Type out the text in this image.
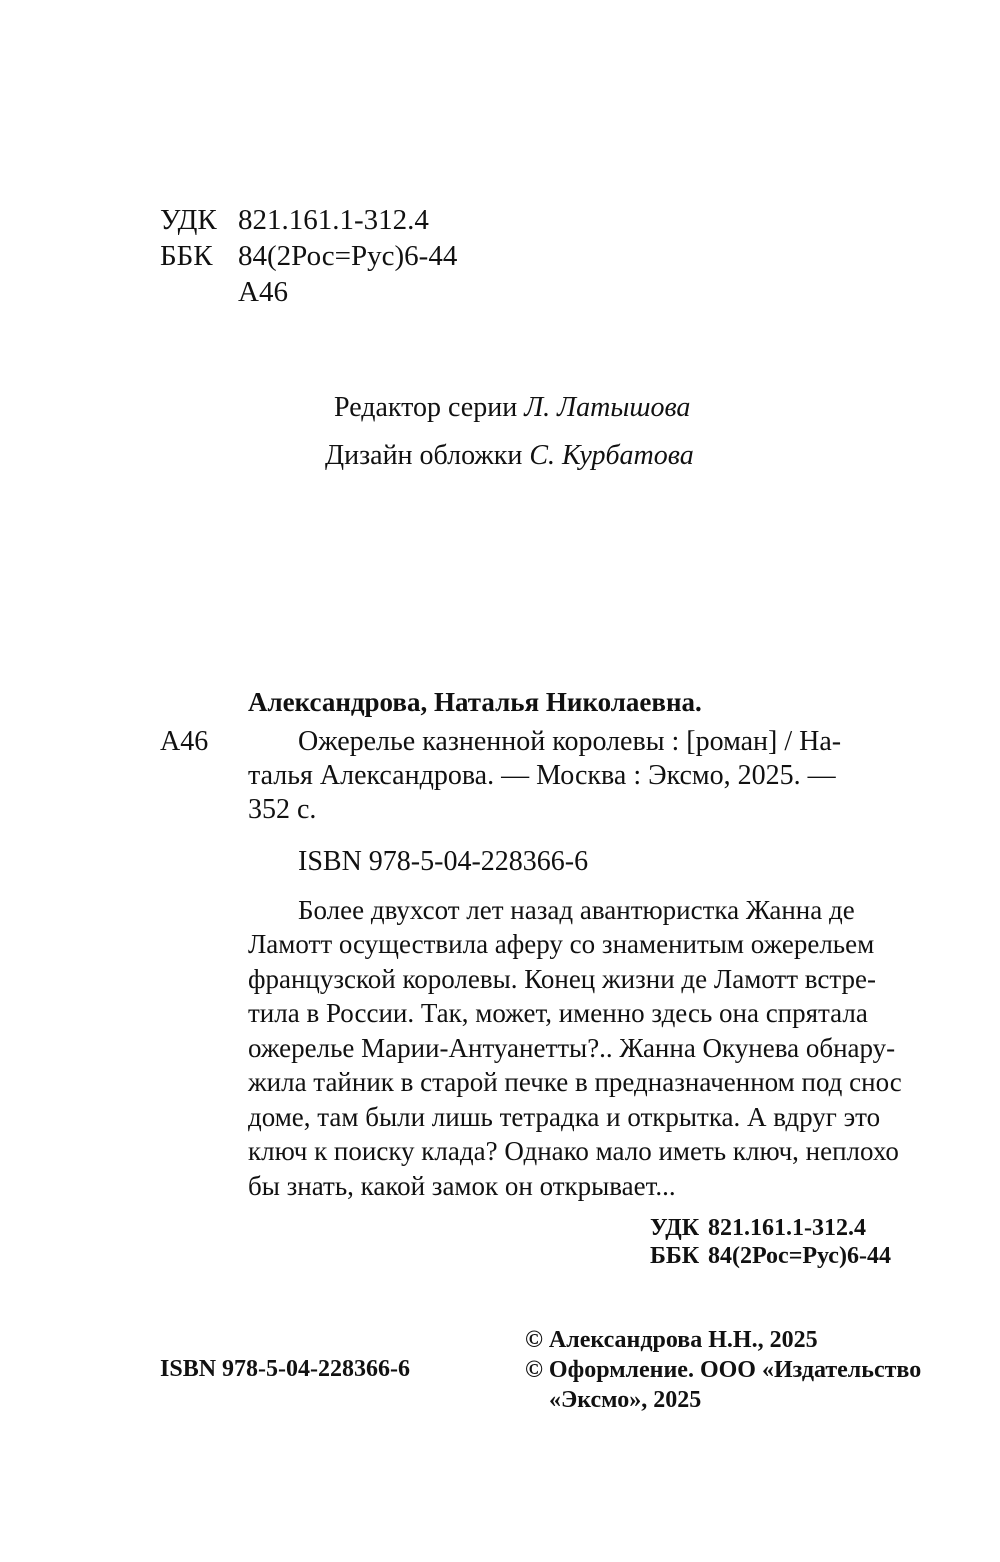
УДК 821.161.1-312.4
ББК 84(2Рос=Рус)6-44
А46
Редактор серии Л. Латышова
Дизайн обложки С. Курбатова
Александрова, Наталья Николаевна.
А46	Ожерелье казненной королевы : [роман] / На-
талья Александрова. — Москва : Эксмо, 2025. —
352 с.
ISBN 978-5-04-228366-6
Более двухсот лет назад авантюристка Жанна де
Ламотт осуществила аферу со знаменитым ожерельем
французской королевы. Конец жизни де Ламотт встре-
тила в России. Так, может, именно здесь она спрятала
ожерелье Марии-Антуанетты?.. Жанна Окунева обнару-
жила тайник в старой печке в предназначенном под снос
доме, там были лишь тетрадка и открытка. А вдруг это
ключ к поиску клада? Однако мало иметь ключ, неплохо
бы знать, какой замок он открывает...
УДК 821.161.1-312.4
ББК 84(2Рос=Рус)6-44
© Александрова Н.Н., 2025
© Оформление. ООО «Издательство
«Эксмо», 2025
ISBN 978-5-04-228366-6
